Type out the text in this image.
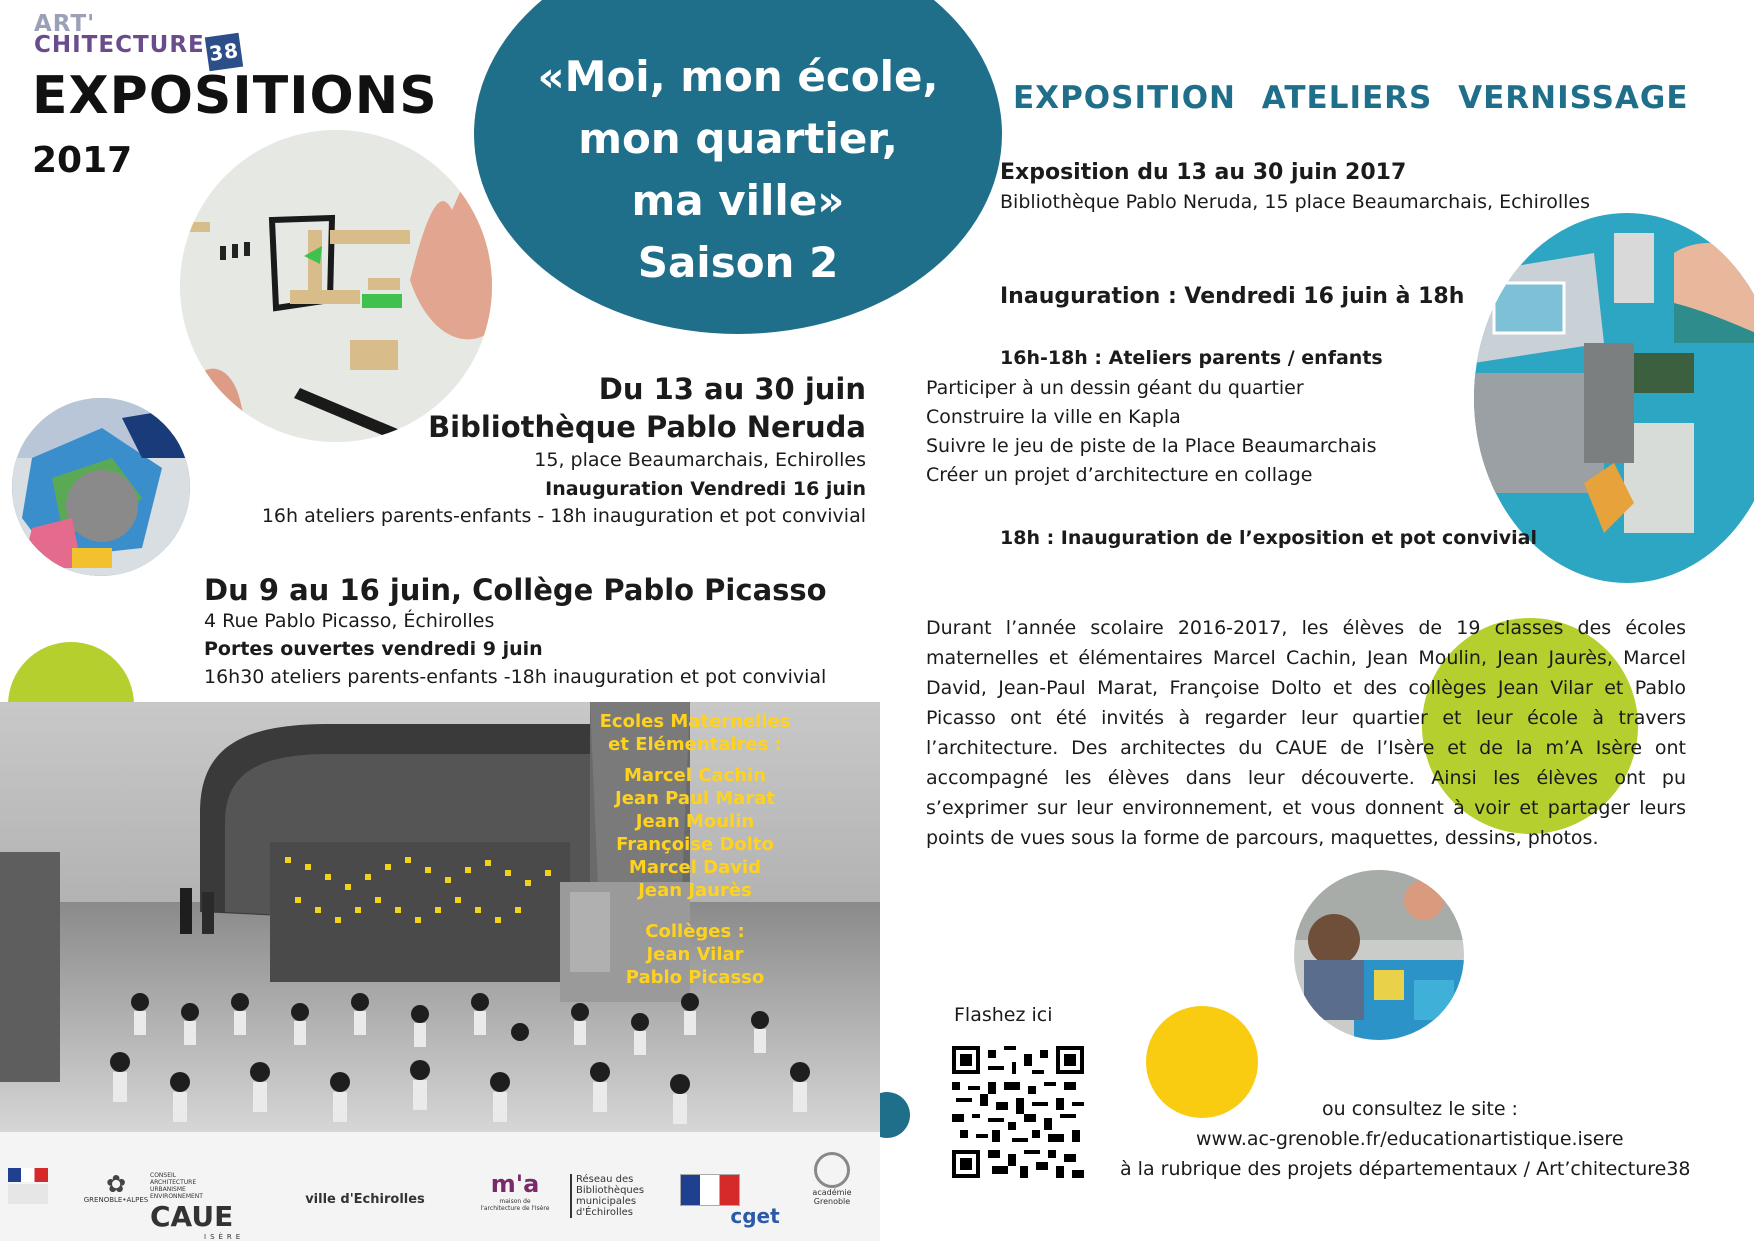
ART'
CHITECTURE 38
EXPOSITIONS
2017
«Moi, mon école,
mon quartier,
ma ville»
Saison 2
Du 13 au 30 juin
Bibliothèque Pablo Neruda
15, place Beaumarchais, Echirolles
Inauguration Vendredi 16 juin
16h ateliers parents-enfants - 18h inauguration et pot convivial
Du 9 au 16 juin, Collège Pablo Picasso
4 Rue Pablo Picasso, Échirolles
Portes ouvertes vendredi 9 juin
16h30 ateliers parents-enfants -18h inauguration et pot convivial
Ecoles Maternelles
et Elémentaires :
Marcel Cachin
Jean Paul Marat
Jean Moulin
Françoise Dolto
Marcel David
Jean Jaurès
Collèges :
Jean Vilar
Pablo Picasso
✿
GRENOBLE•ALPES
CONSEIL ARCHITECTURE URBANISME ENVIRONNEMENT CAUE
ISÈRE
ville d'Echirolles
m'a
maison de l'architecture de l'Isère
Réseau des Bibliothèques municipales d'Échirolles	cget
académie Grenoble
EXPOSITION ATELIERS VERNISSAGE
Exposition du 13 au 30 juin 2017
Bibliothèque Pablo Neruda, 15 place Beaumarchais, Echirolles
Inauguration : Vendredi 16 juin à 18h
16h-18h : Ateliers parents / enfants
Participer à un dessin géant du quartier
Construire la ville en Kapla
Suivre le jeu de piste de la Place Beaumarchais
Créer un projet d’architecture en collage
18h : Inauguration de l’exposition et pot convivial
Durant l’année scolaire 2016-2017, les élèves de 19 classes des écoles maternelles et élémentaires Marcel Cachin, Jean Moulin, Jean Jaurès, Marcel David, Jean-Paul Marat, Françoise Dolto et des collèges Jean Vilar et Pablo Picasso ont été invités à regarder leur quartier et leur école à travers l’architecture. Des architectes du CAUE de l’Isère et de la m’A Isère ont accompagné les élèves dans leur découverte. Ainsi les élèves ont pu s’exprimer sur leur environnement, et vous donnent à voir et partager leurs points de vues sous la forme de parcours, maquettes, dessins, photos.
Flashez ici
ou consultez le site :
www.ac-grenoble.fr/educationartistique.isere
à la rubrique des projets départementaux / Art’chitecture38
